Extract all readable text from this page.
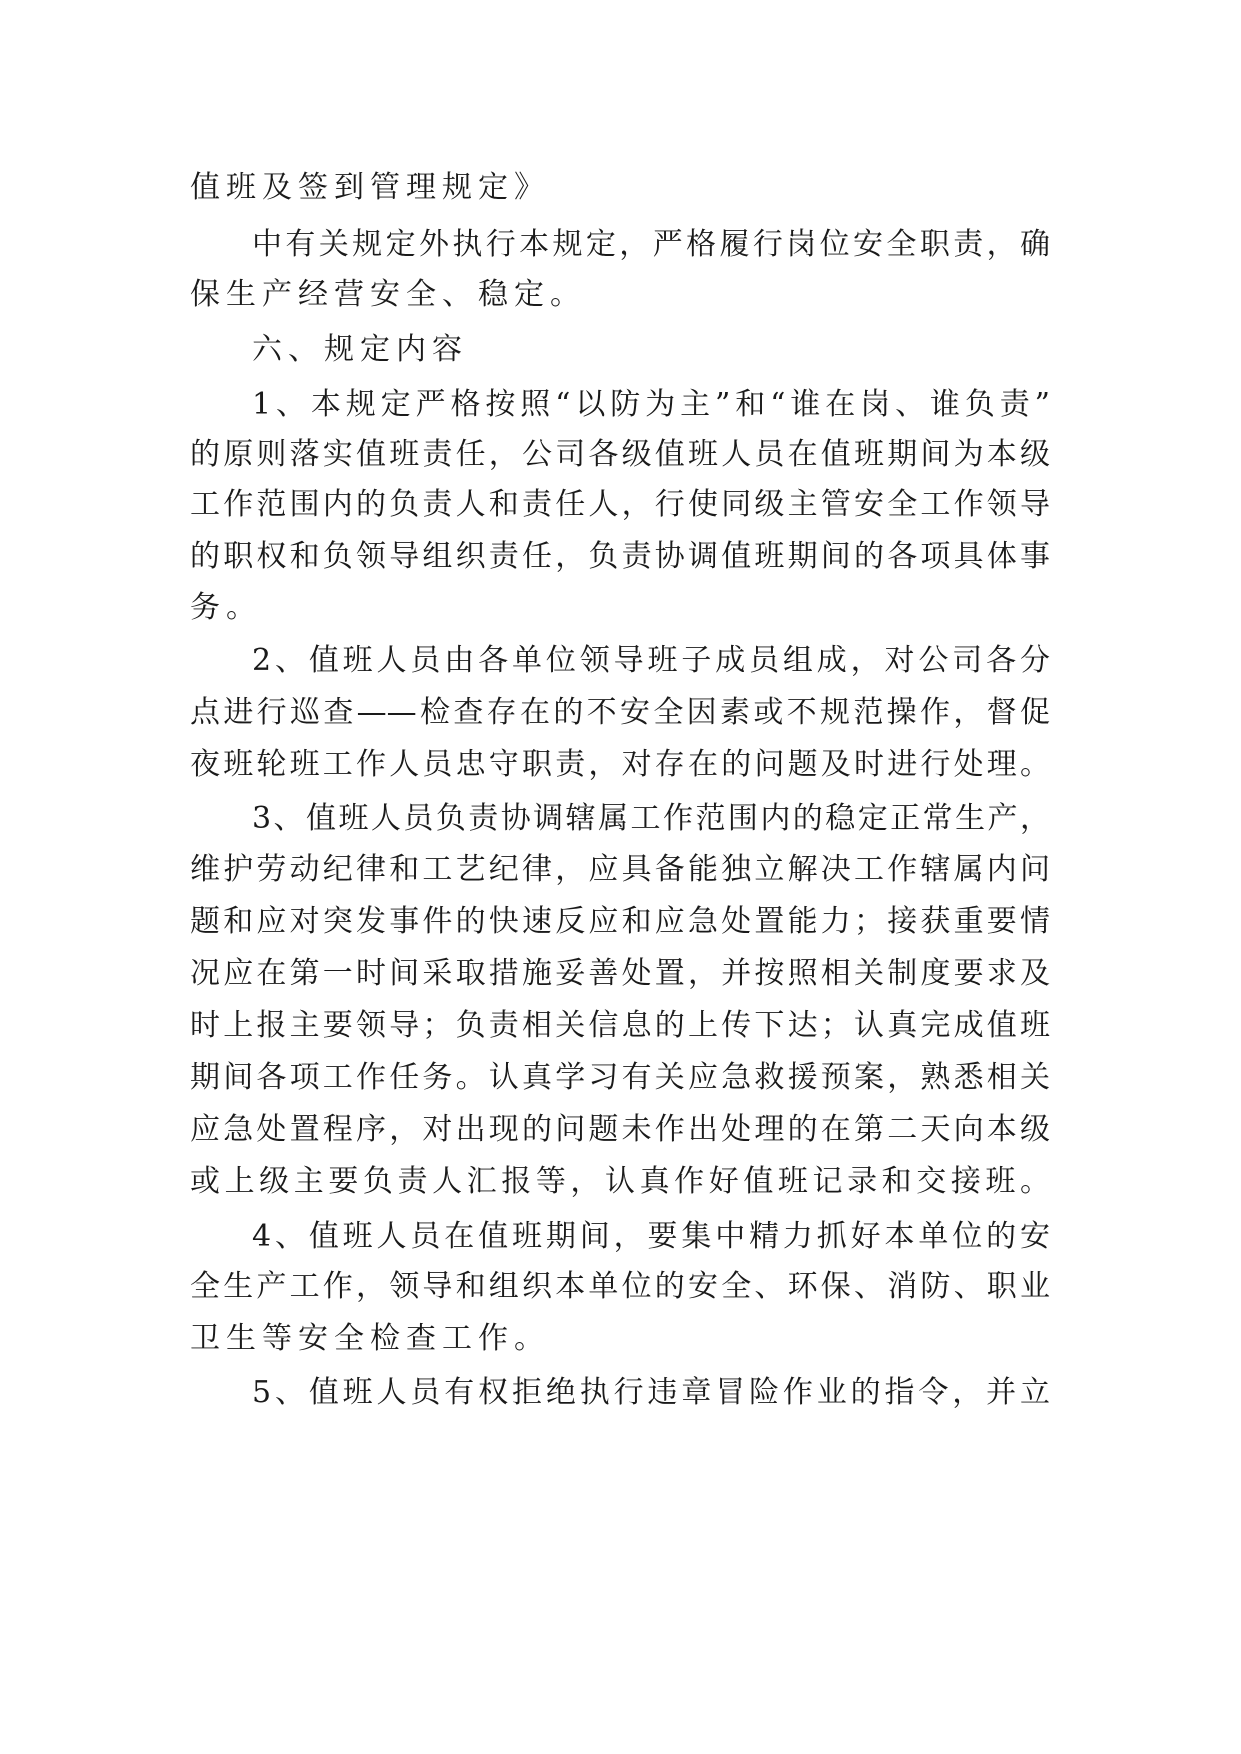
值班及签到管理规定》
中有关规定外执行本规定，严格履行岗位安全职责，确
保生产经营安全、稳定。
六、规定内容
1、本规定严格按照“以防为主”和“谁在岗、谁负责”
的原则落实值班责任，公司各级值班人员在值班期间为本级
工作范围内的负责人和责任人，行使同级主管安全工作领导
的职权和负领导组织责任，负责协调值班期间的各项具体事
务。
2、值班人员由各单位领导班子成员组成，对公司各分
点进行巡查——检查存在的不安全因素或不规范操作，督促
夜班轮班工作人员忠守职责，对存在的问题及时进行处理。
3、值班人员负责协调辖属工作范围内的稳定正常生产，
维护劳动纪律和工艺纪律，应具备能独立解决工作辖属内问
题和应对突发事件的快速反应和应急处置能力；接获重要情
况应在第一时间采取措施妥善处置，并按照相关制度要求及
时上报主要领导；负责相关信息的上传下达；认真完成值班
期间各项工作任务。认真学习有关应急救援预案，熟悉相关
应急处置程序，对出现的问题未作出处理的在第二天向本级
或上级主要负责人汇报等，认真作好值班记录和交接班。
4、值班人员在值班期间，要集中精力抓好本单位的安
全生产工作，领导和组织本单位的安全、环保、消防、职业
卫生等安全检查工作。
5、值班人员有权拒绝执行违章冒险作业的指令，并立
